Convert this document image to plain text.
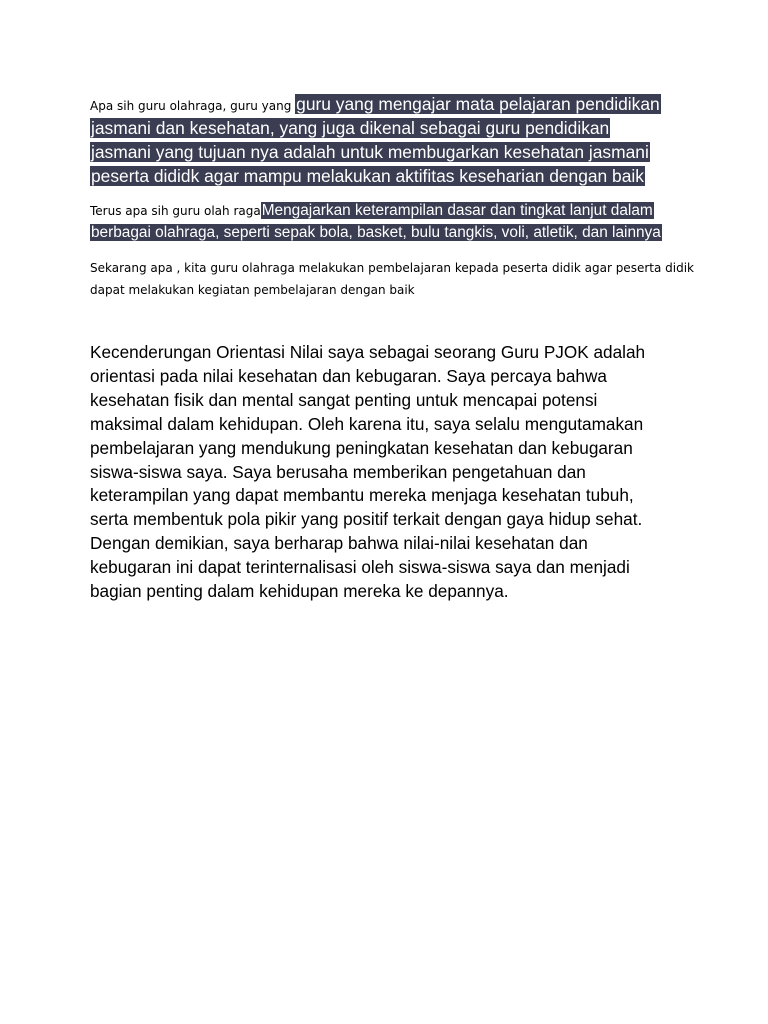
Apa sih guru olahraga, guru yang guru yang mengajar mata pelajaran pendidikan
jasmani dan kesehatan, yang juga dikenal sebagai guru pendidikan
jasmani yang tujuan nya adalah untuk membugarkan kesehatan jasmani
peserta dididk agar mampu melakukan aktifitas keseharian dengan baik
Terus apa sih guru olah ragaMengajarkan keterampilan dasar dan tingkat lanjut dalam
berbagai olahraga, seperti sepak bola, basket, bulu tangkis, voli, atletik, dan lainnya
Sekarang apa , kita guru olahraga melakukan pembelajaran kepada peserta didik agar peserta didik
dapat melakukan kegiatan pembelajaran dengan baik
Kecenderungan Orientasi Nilai saya sebagai seorang Guru PJOK adalah
orientasi pada nilai kesehatan dan kebugaran. Saya percaya bahwa
kesehatan fisik dan mental sangat penting untuk mencapai potensi
maksimal dalam kehidupan. Oleh karena itu, saya selalu mengutamakan
pembelajaran yang mendukung peningkatan kesehatan dan kebugaran
siswa-siswa saya. Saya berusaha memberikan pengetahuan dan
keterampilan yang dapat membantu mereka menjaga kesehatan tubuh,
serta membentuk pola pikir yang positif terkait dengan gaya hidup sehat.
Dengan demikian, saya berharap bahwa nilai-nilai kesehatan dan
kebugaran ini dapat terinternalisasi oleh siswa-siswa saya dan menjadi
bagian penting dalam kehidupan mereka ke depannya.
